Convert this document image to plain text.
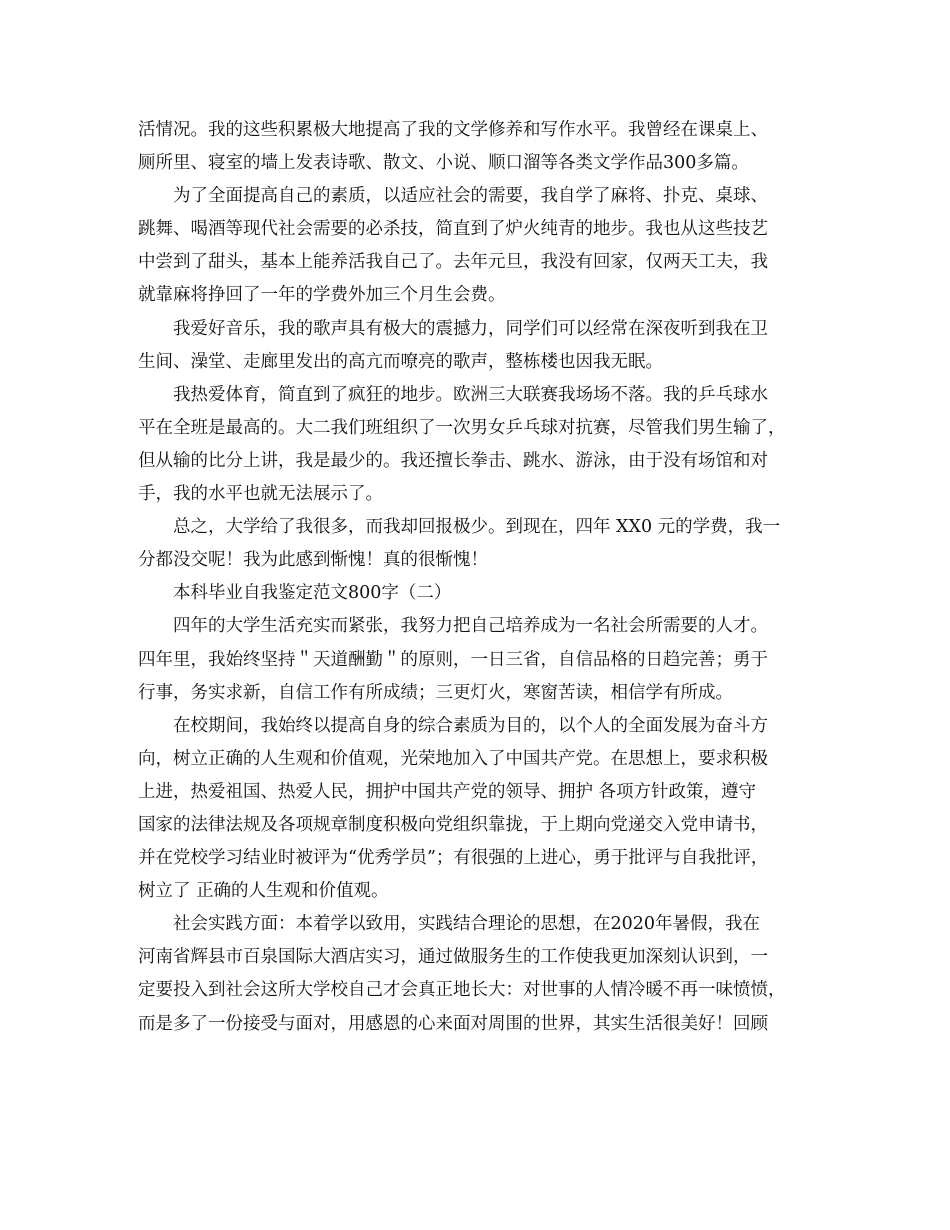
活情况。我的这些积累极大地提高了我的文学修养和写作水平。我曾经在课桌上、
厕所里、寝室的墙上发表诗歌、散文、小说、顺口溜等各类文学作品300多篇。
为了全面提高自己的素质，以适应社会的需要，我自学了麻将、扑克、桌球、
跳舞、喝酒等现代社会需要的必杀技，简直到了炉火纯青的地步。我也从这些技艺
中尝到了甜头，基本上能养活我自己了。去年元旦，我没有回家，仅两天工夫，我
就靠麻将挣回了一年的学费外加三个月生会费。
我爱好音乐，我的歌声具有极大的震撼力，同学们可以经常在深夜听到我在卫
生间、澡堂、走廊里发出的高亢而嘹亮的歌声，整栋楼也因我无眠。
我热爱体育，简直到了疯狂的地步。欧洲三大联赛我场场不落。我的乒乓球水
平在全班是最高的。大二我们班组织了一次男女乒乓球对抗赛，尽管我们男生输了，
但从输的比分上讲，我是最少的。我还擅长拳击、跳水、游泳，由于没有场馆和对
手，我的水平也就无法展示了。
总之，大学给了我很多，而我却回报极少。到现在，四年 XX0 元的学费，我一
分都没交呢！我为此感到惭愧！真的很惭愧！
本科毕业自我鉴定范文800字（二）
四年的大学生活充实而紧张，我努力把自己培养成为一名社会所需要的人才。
四年里，我始终坚持＂天道酬勤＂的原则，一日三省，自信品格的日趋完善；勇于
行事，务实求新，自信工作有所成绩；三更灯火，寒窗苦读，相信学有所成。
在校期间，我始终以提高自身的综合素质为目的，以个人的全面发展为奋斗方
向，树立正确的人生观和价值观，光荣地加入了中国共产党。在思想上，要求积极
上进，热爱祖国、热爱人民，拥护中国共产党的领导、拥护 各项方针政策，遵守
国家的法律法规及各项规章制度积极向党组织靠拢，于上期向党递交入党申请书，
并在党校学习结业时被评为“优秀学员”；有很强的上进心，勇于批评与自我批评，
树立了 正确的人生观和价值观。
社会实践方面：本着学以致用，实践结合理论的思想，在2020年暑假，我在
河南省辉县市百泉国际大酒店实习，通过做服务生的工作使我更加深刻认识到，一
定要投入到社会这所大学校自己才会真正地长大：对世事的人情冷暖不再一味愤愤，
而是多了一份接受与面对，用感恩的心来面对周围的世界，其实生活很美好！回顾
